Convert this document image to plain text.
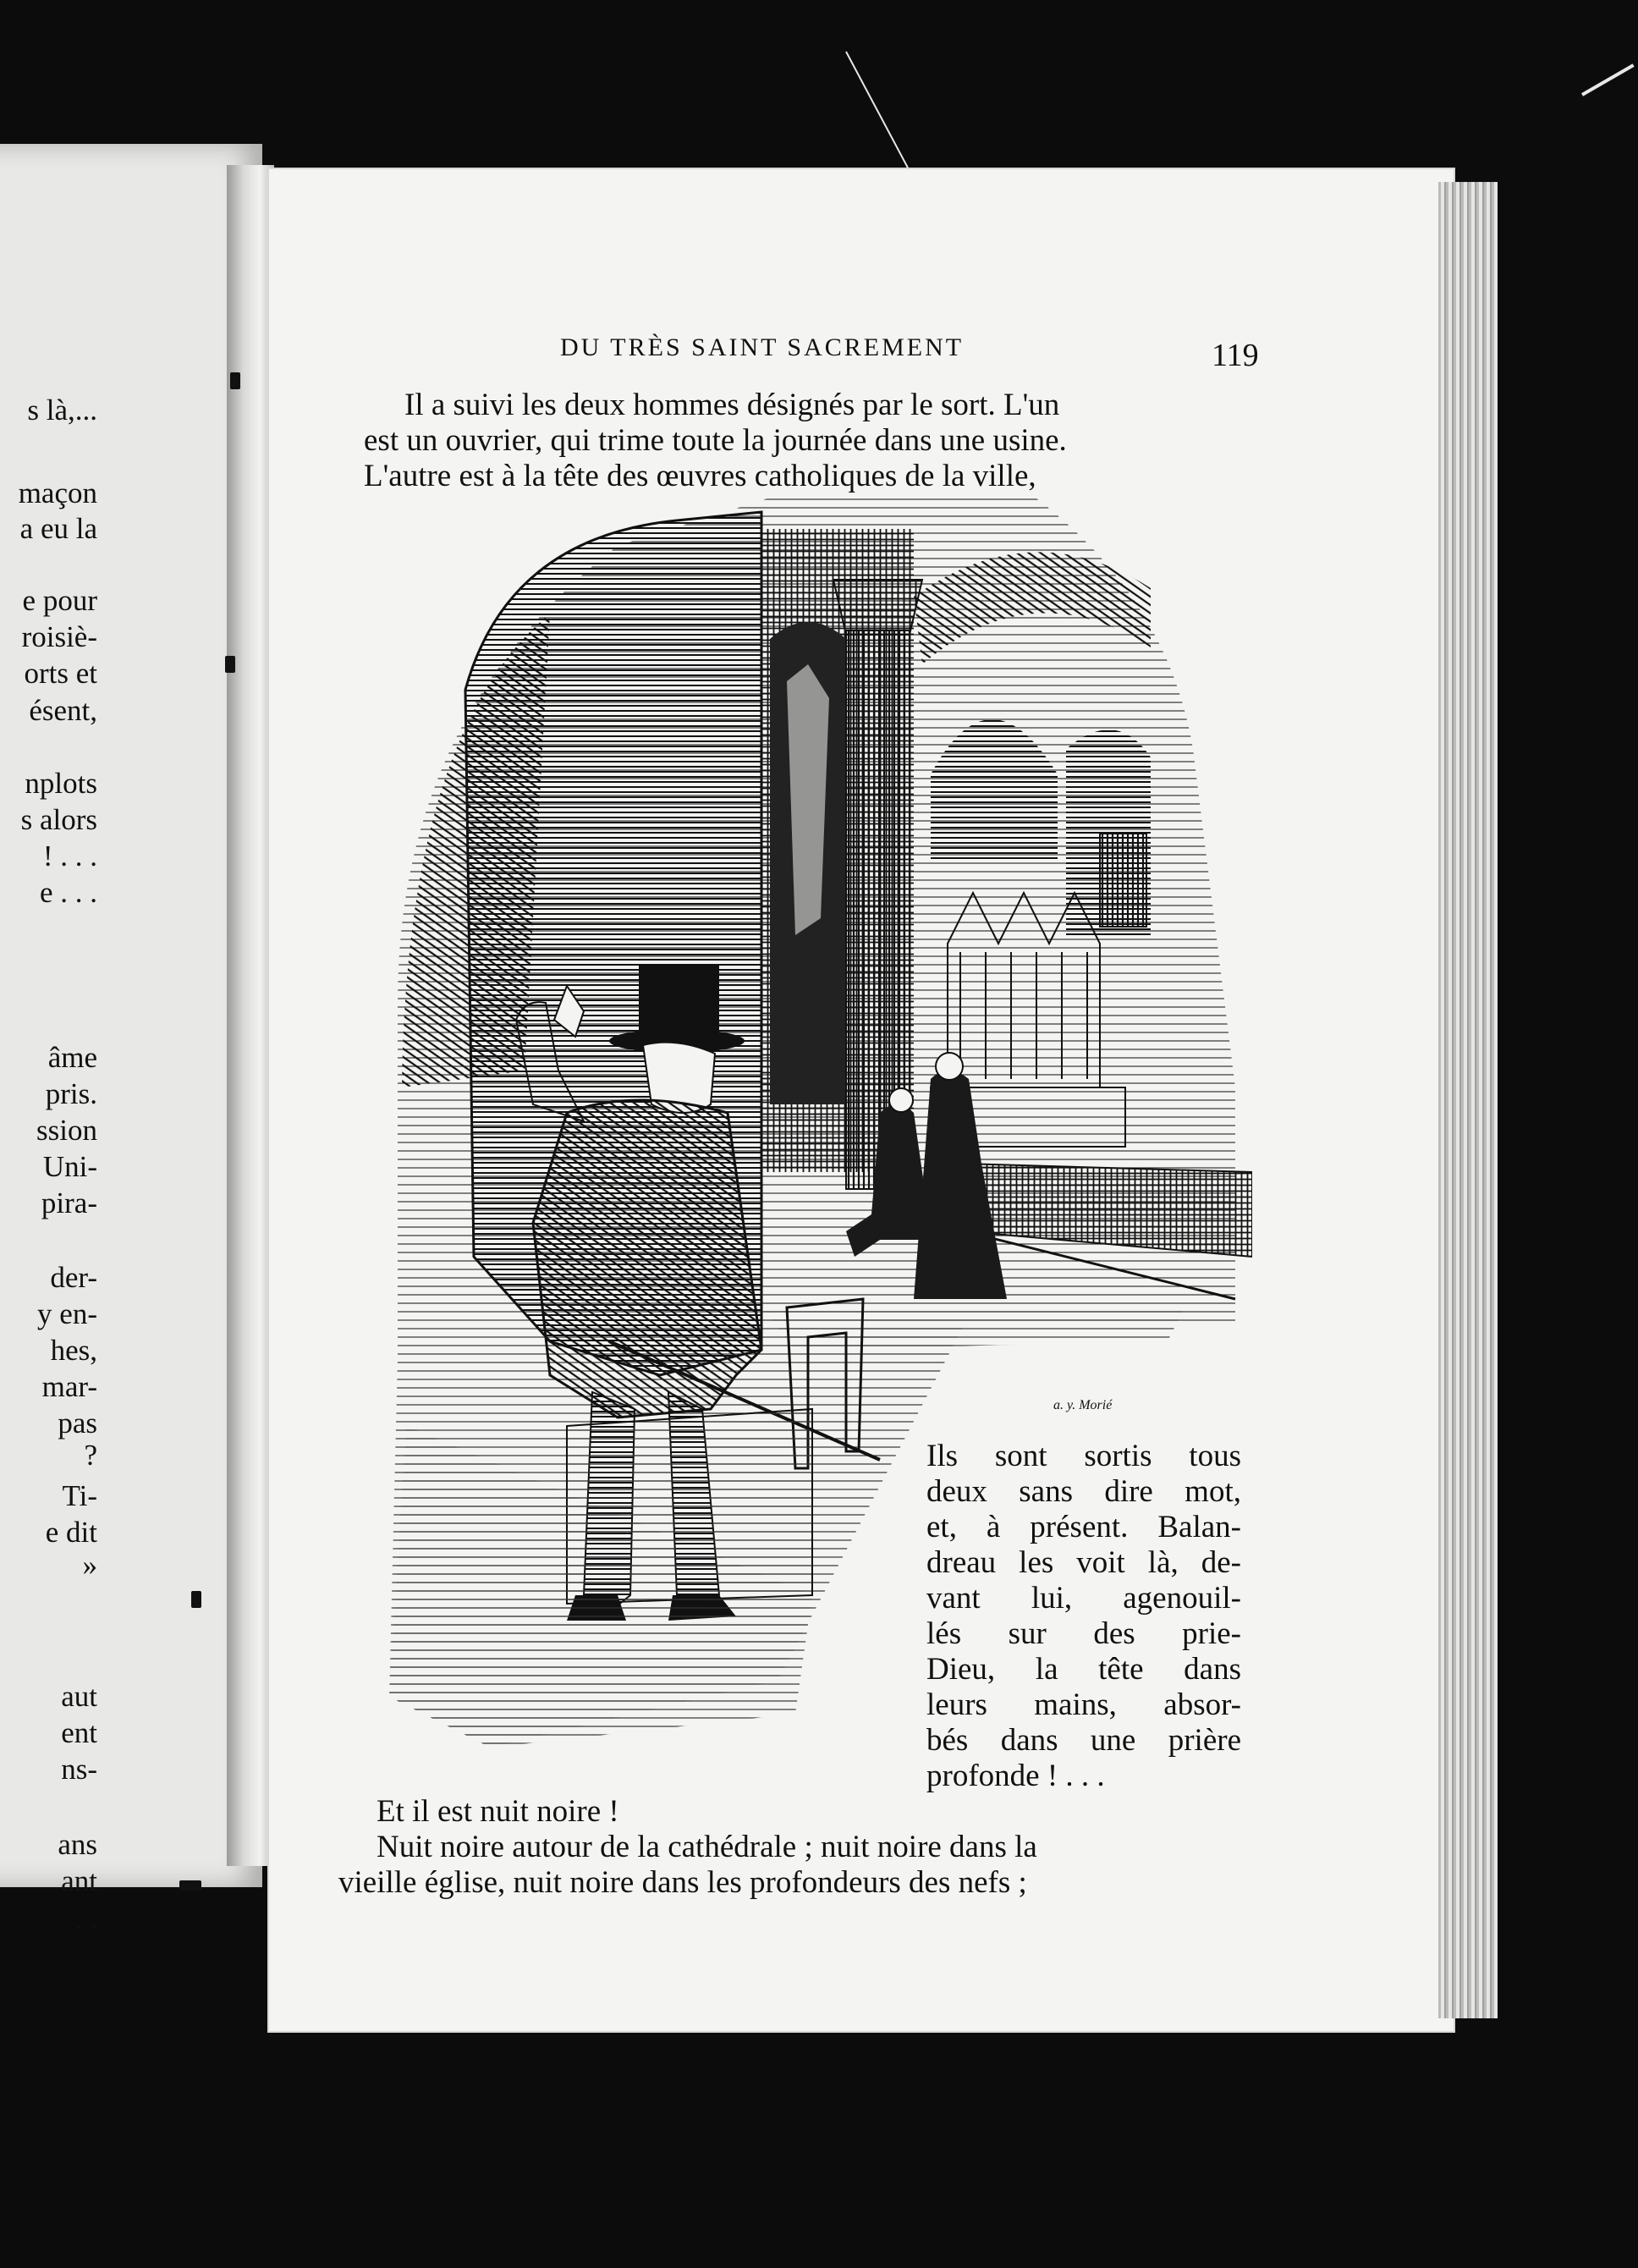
s là,...
maçon
a eu la
e pour
roisiè-
orts et
ésent,
nplots
s alors
! . . .
e . . .
âme
pris.
ssion
Uni-
pira-
der-
y en-
hes,
mar-
pas
?
Ti-
e dit
»
aut
ent
ns-
ans
ant
. .
DU TRÈS SAINT SACREMENT	119
Il a suivi les deux hommes désignés par le sort. L'un
est un ouvrier, qui trime toute la journée dans une usine.
L'autre est à la tête des œuvres catholiques de la ville,
a. y. Morié
Ils sont sortis tous
deux sans dire mot,
et, à présent. Balan-
dreau les voit là, de-
vant lui, agenouil-
lés sur des prie-
Dieu, la tête dans
leurs mains, absor-
bés dans une prière
profonde ! . . .
Et il est nuit noire !
Nuit noire autour de la cathédrale ; nuit noire dans la
vieille église, nuit noire dans les profondeurs des nefs ;
